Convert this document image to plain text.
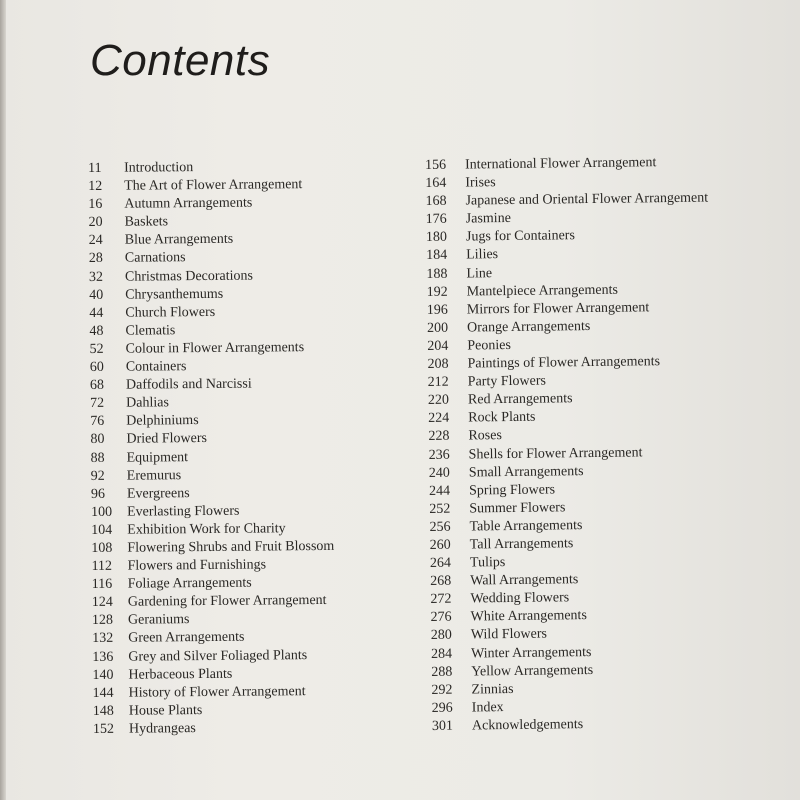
Contents
11	Introduction
12	The Art of Flower Arrangement
16	Autumn Arrangements
20	Baskets
24	Blue Arrangements
28	Carnations
32	Christmas Decorations
40	Chrysanthemums
44	Church Flowers
48	Clematis
52	Colour in Flower Arrangements
60	Containers
68	Daffodils and Narcissi
72	Dahlias
76	Delphiniums
80	Dried Flowers
88	Equipment
92	Eremurus
96	Evergreens
100	Everlasting Flowers
104	Exhibition Work for Charity
108	Flowering Shrubs and Fruit Blossom
112	Flowers and Furnishings
116	Foliage Arrangements
124	Gardening for Flower Arrangement
128	Geraniums
132	Green Arrangements
136	Grey and Silver Foliaged Plants
140	Herbaceous Plants
144	History of Flower Arrangement
148	House Plants
152	Hydrangeas
156	International Flower Arrangement
164	Irises
168	Japanese and Oriental Flower Arrangement
176	Jasmine
180	Jugs for Containers
184	Lilies
188	Line
192	Mantelpiece Arrangements
196	Mirrors for Flower Arrangement
200	Orange Arrangements
204	Peonies
208	Paintings of Flower Arrangements
212	Party Flowers
220	Red Arrangements
224	Rock Plants
228	Roses
236	Shells for Flower Arrangement
240	Small Arrangements
244	Spring Flowers
252	Summer Flowers
256	Table Arrangements
260	Tall Arrangements
264	Tulips
268	Wall Arrangements
272	Wedding Flowers
276	White Arrangements
280	Wild Flowers
284	Winter Arrangements
288	Yellow Arrangements
292	Zinnias
296	Index
301	Acknowledgements
